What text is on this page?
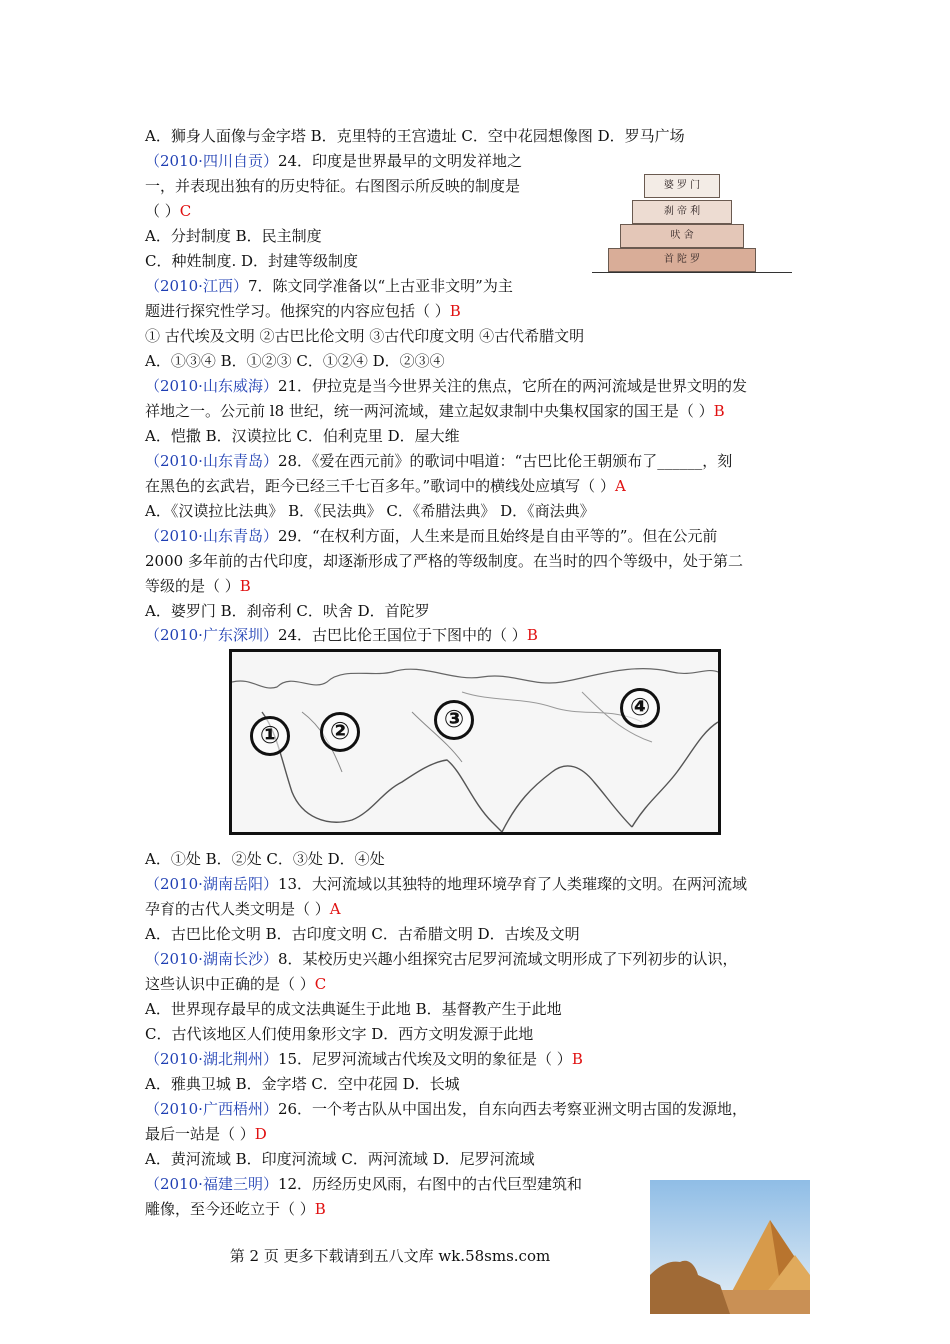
A．狮身人面像与金字塔 B．克里特的王宫遗址 C．空中花园想像图 D．罗马广场
（2010·四川自贡）24．印度是世界最早的文明发祥地之
一，并表现出独有的历史特征。右图图示所反映的制度是
（ ）C
A．分封制度 B．民主制度
C．种姓制度. D．封建等级制度
（2010·江西）7．陈文同学准备以“上古亚非文明”为主
题进行探究性学习。他探究的内容应包括（ ）B
① 古代埃及文明 ②古巴比伦文明 ③古代印度文明 ④古代希腊文明
A．①③④ B．①②③ C．①②④ D．②③④
（2010·山东威海）21．伊拉克是当今世界关注的焦点，它所在的两河流域是世界文明的发
祥地之一。公元前 l8 世纪，统一两河流域，建立起奴隶制中央集权国家的国王是（ ）B
A．恺撒 B．汉谟拉比 C．伯利克里 D．屋大维
（2010·山东青岛）28．《爱在西元前》的歌词中唱道：“古巴比伦王朝颁布了______，刻
在黑色的玄武岩，距今已经三千七百多年。”歌词中的横线处应填写（ ）A
A．《汉谟拉比法典》 B．《民法典》 C．《希腊法典》 D．《商法典》
（2010·山东青岛）29．“在权利方面，人生来是而且始终是自由平等的”。但在公元前
2000 多年前的古代印度，却逐渐形成了严格的等级制度。在当时的四个等级中，处于第二
等级的是（ ）B
A．婆罗门 B．刹帝利 C．吠舍 D．首陀罗
（2010·广东深圳）24．古巴比伦王国位于下图中的（ ）B
A．①处 B．②处 C．③处 D．④处
（2010·湖南岳阳）13．大河流域以其独特的地理环境孕育了人类璀璨的文明。在两河流域
孕育的古代人类文明是（ ）A
A．古巴比伦文明 B．古印度文明 C．古希腊文明 D．古埃及文明
（2010·湖南长沙）8．某校历史兴趣小组探究古尼罗河流域文明形成了下列初步的认识，
这些认识中正确的是（ ）C
A．世界现存最早的成文法典诞生于此地 B．基督教产生于此地
C．古代该地区人们使用象形文字 D．西方文明发源于此地
（2010·湖北荆州）15．尼罗河流域古代埃及文明的象征是（ ）B
A．雅典卫城 B．金字塔 C．空中花园 D．长城
（2010·广西梧州）26．一个考古队从中国出发，自东向西去考察亚洲文明古国的发源地，
最后一站是（ ）D
A．黄河流域 B．印度河流域 C．两河流域 D．尼罗河流域
（2010·福建三明）12．历经历史风雨，右图中的古代巨型建筑和
雕像，至今还屹立于（ ）B
婆 罗 门
刹 帝 利
吠 舍
首 陀 罗
①	②	③	④
第 2 页 更多下载请到五八文库 wk.58sms.com
